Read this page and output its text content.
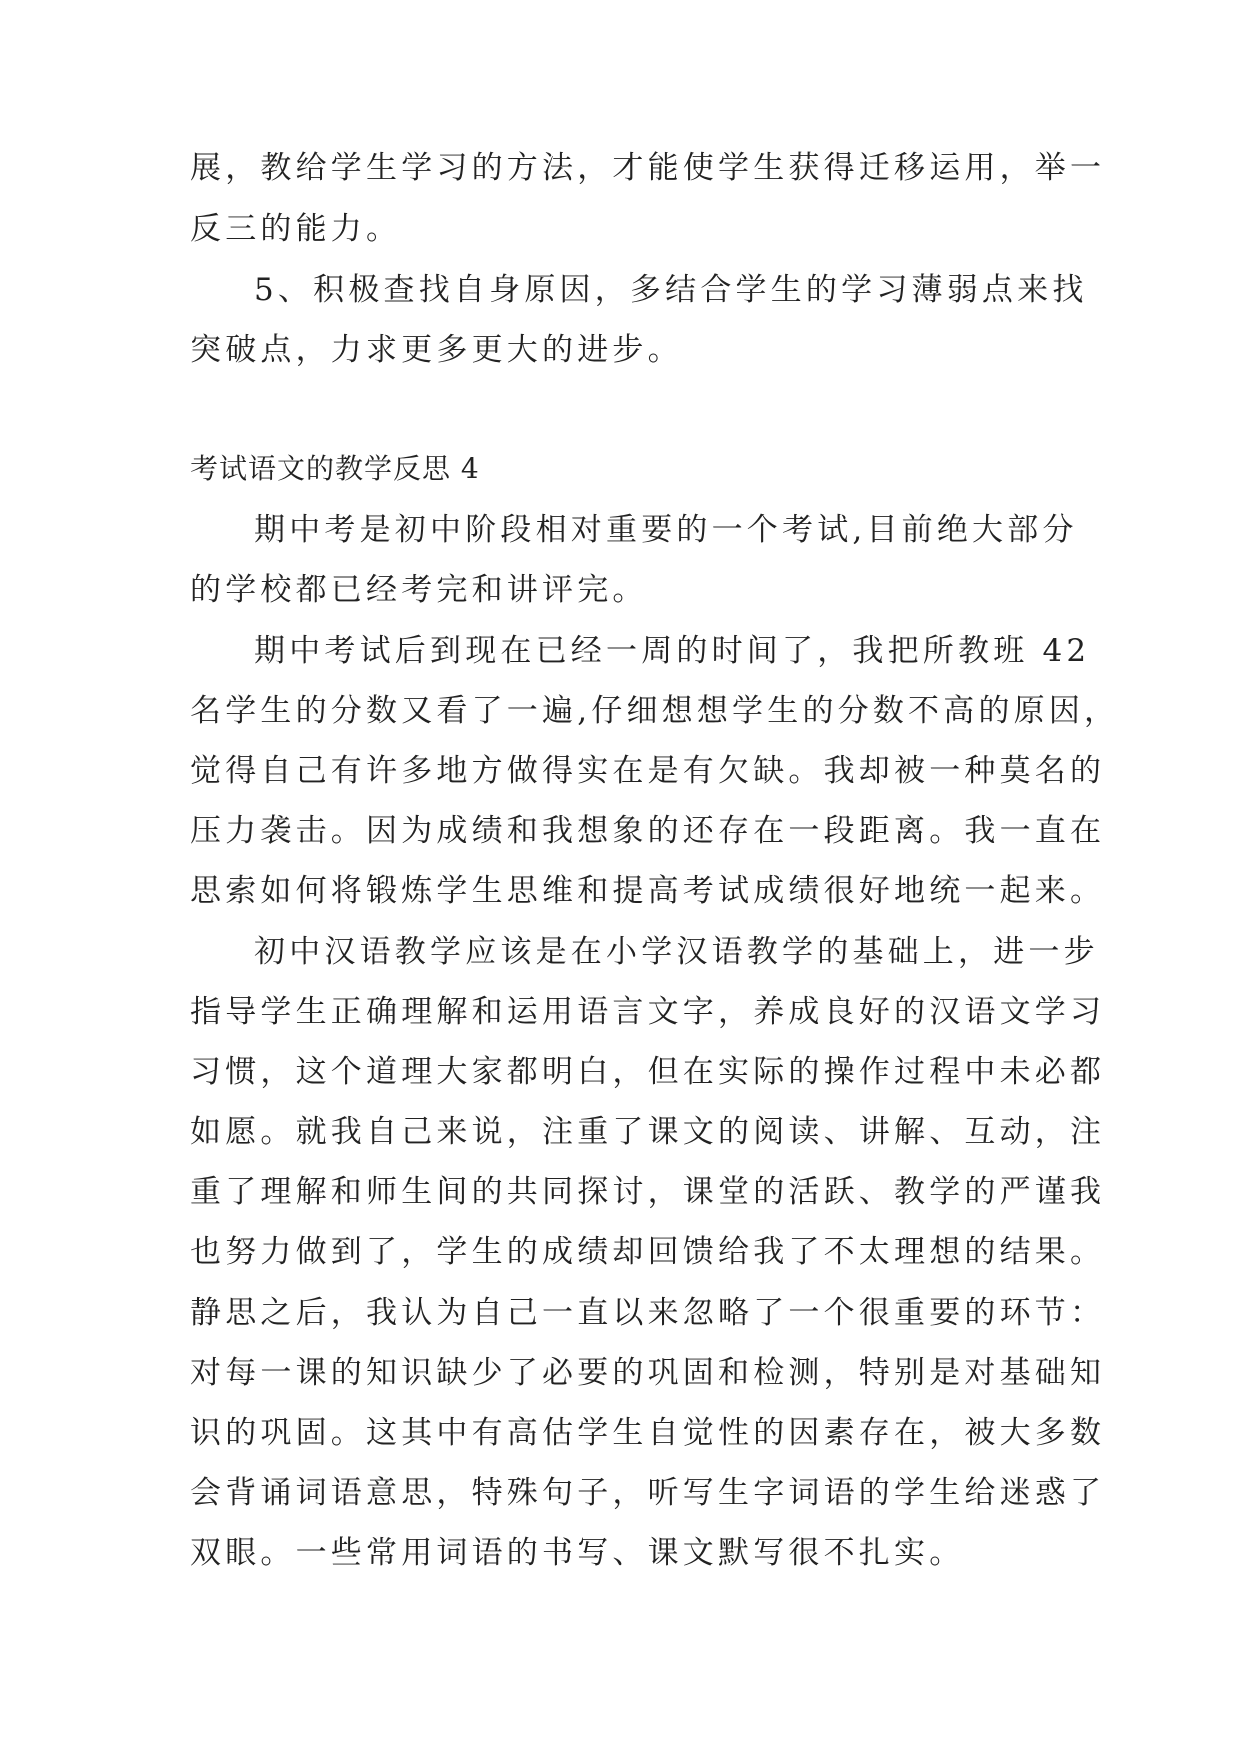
展，教给学生学习的方法，才能使学生获得迁移运用，举一
反三的能力。
5、积极查找自身原因，多结合学生的学习薄弱点来找
突破点，力求更多更大的进步。
考试语文的教学反思 4
期中考是初中阶段相对重要的一个考试,目前绝大部分
的学校都已经考完和讲评完。
期中考试后到现在已经一周的时间了，我把所教班 42
名学生的分数又看了一遍,仔细想想学生的分数不高的原因，
觉得自己有许多地方做得实在是有欠缺。我却被一种莫名的
压力袭击。因为成绩和我想象的还存在一段距离。我一直在
思索如何将锻炼学生思维和提高考试成绩很好地统一起来。
初中汉语教学应该是在小学汉语教学的基础上，进一步
指导学生正确理解和运用语言文字，养成良好的汉语文学习
习惯，这个道理大家都明白，但在实际的操作过程中未必都
如愿。就我自己来说，注重了课文的阅读、讲解、互动，注
重了理解和师生间的共同探讨，课堂的活跃、教学的严谨我
也努力做到了，学生的成绩却回馈给我了不太理想的结果。
静思之后，我认为自己一直以来忽略了一个很重要的环节：
对每一课的知识缺少了必要的巩固和检测，特别是对基础知
识的巩固。这其中有高估学生自觉性的因素存在，被大多数
会背诵词语意思，特殊句子，听写生字词语的学生给迷惑了
双眼。一些常用词语的书写、课文默写很不扎实。
